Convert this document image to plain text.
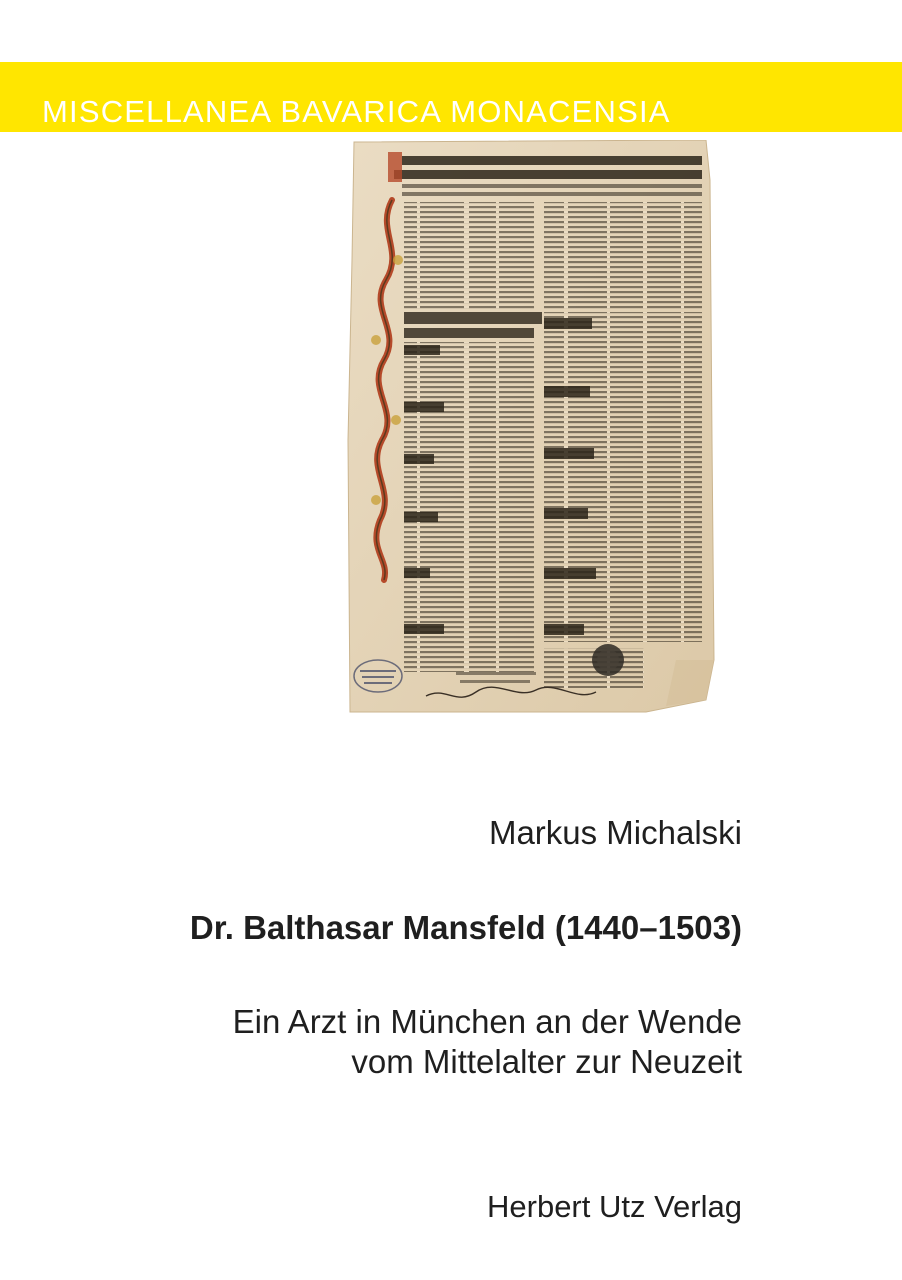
MISCELLANEA BAVARICA MONACENSIA

Markus Michalski

Dr. Balthasar Mansfeld (1440–1503)

Ein Arzt in München an der Wende
vom Mittelalter zur Neuzeit

Herbert Utz Verlag
